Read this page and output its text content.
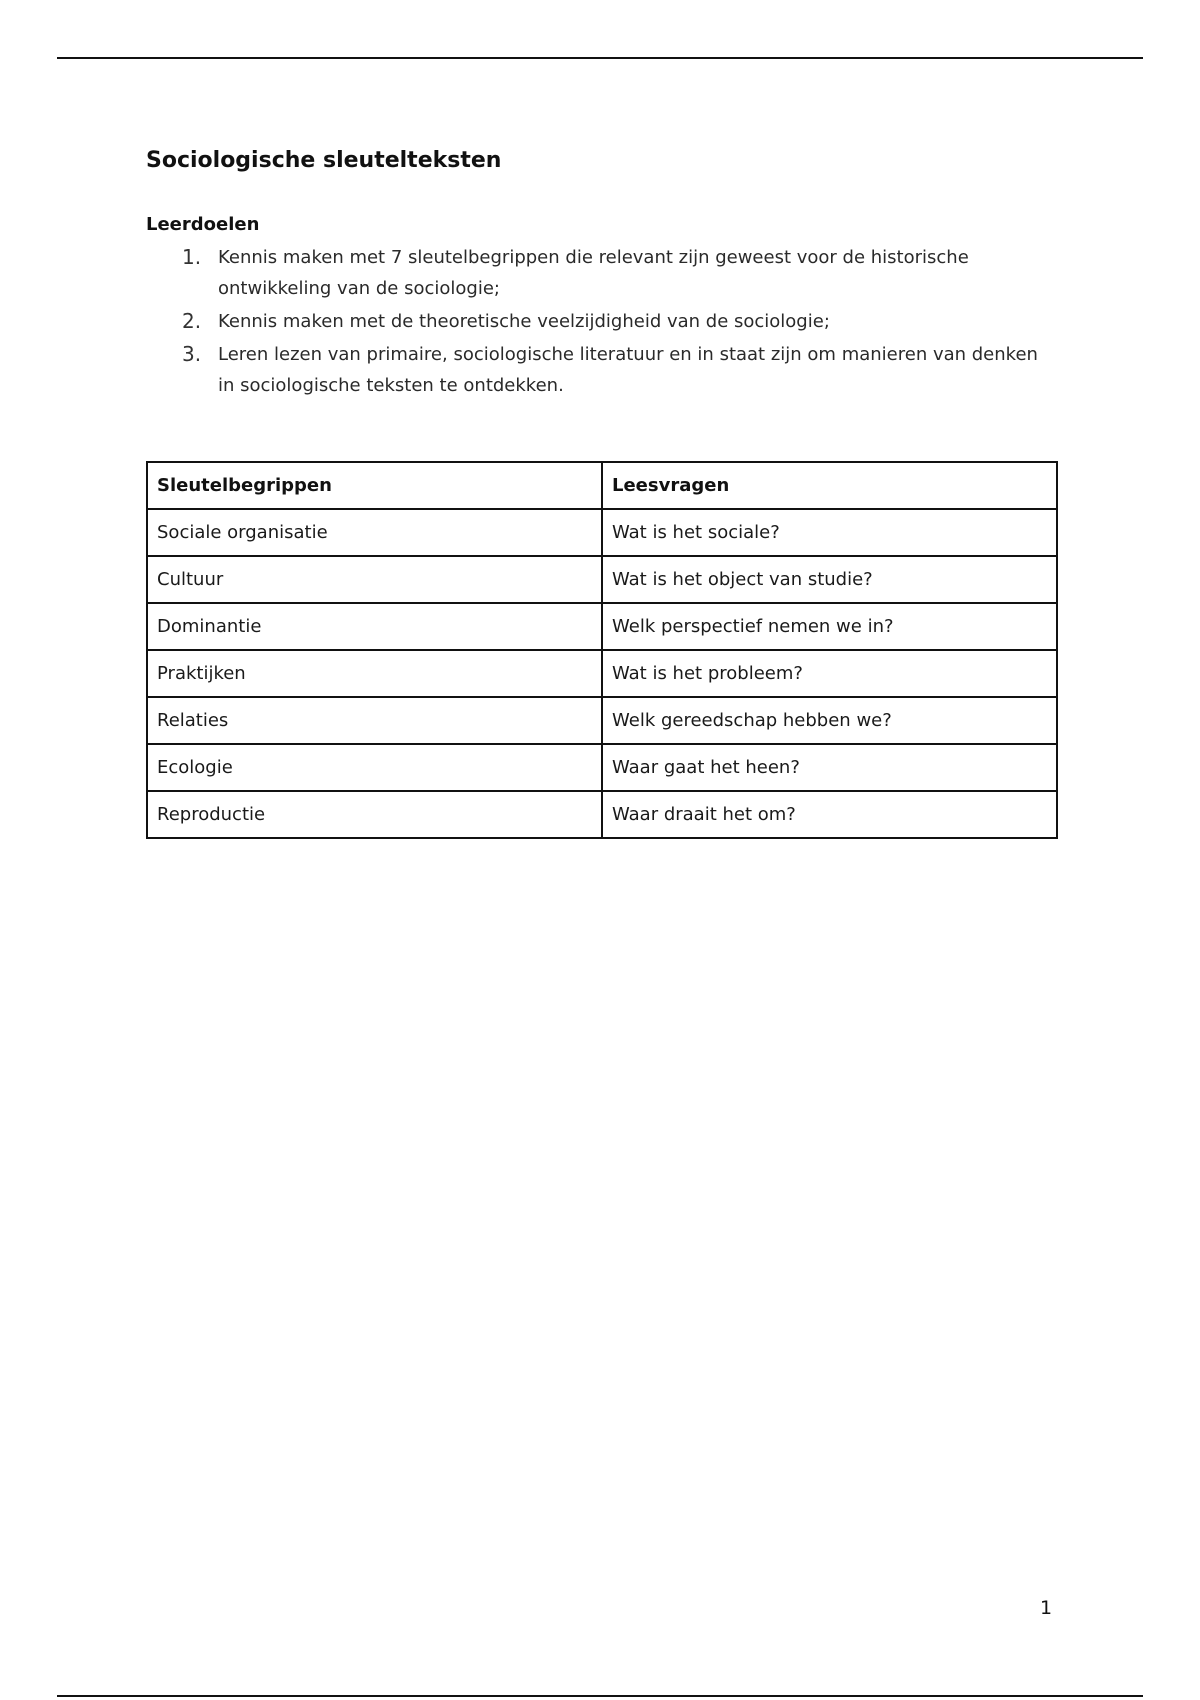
Sociologische sleutelteksten
Leerdoelen
1. Kennis maken met 7 sleutelbegrippen die relevant zijn geweest voor de historische ontwikkeling van de sociologie;
2. Kennis maken met de theoretische veelzijdigheid van de sociologie;
3. Leren lezen van primaire, sociologische literatuur en in staat zijn om manieren van denken in sociologische teksten te ontdekken.
Sleutelbegrippen	Leesvragen
Sociale organisatie	Wat is het sociale?
Cultuur	Wat is het object van studie?
Dominantie	Welk perspectief nemen we in?
Praktijken	Wat is het probleem?
Relaties	Welk gereedschap hebben we?
Ecologie	Waar gaat het heen?
Reproductie	Waar draait het om?
1
